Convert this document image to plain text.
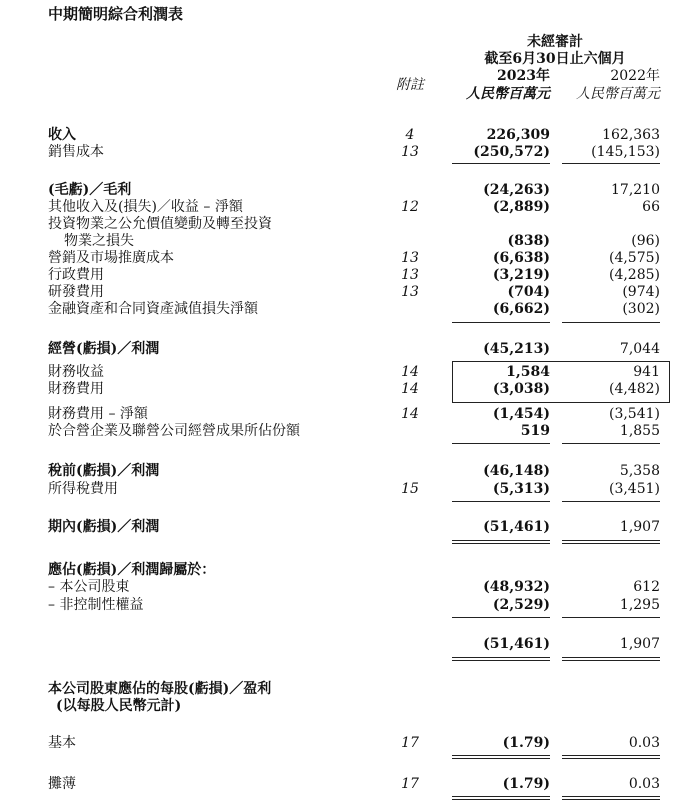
中期簡明綜合利潤表
未經審計
截至6月30日止六個月
附註
2023年	2022年
人民幣百萬元	人民幣百萬元
收入	4	226,309	162,363
銷售成本	13	(250,572)	(145,153)
(毛虧)／毛利	(24,263)	17,210
其他收入及(損失)／收益 – 淨額	12	(2,889)	66
投資物業之公允價值變動及轉至投資
物業之損失	(838)	(96)
營銷及市場推廣成本	13	(6,638)	(4,575)
行政費用	13	(3,219)	(4,285)
研發費用	13	(704)	(974)
金融資產和合同資產減值損失淨額	(6,662)	(302)
經營(虧損)／利潤	(45,213)	7,044
財務收益	14	1,584	941
財務費用	14	(3,038)	(4,482)
財務費用 – 淨額	14	(1,454)	(3,541)
於合營企業及聯營公司經營成果所佔份額	519	1,855
稅前(虧損)／利潤	(46,148)	5,358
所得稅費用	15	(5,313)	(3,451)
期內(虧損)／利潤	(51,461)	1,907
應佔(虧損)／利潤歸屬於：
– 本公司股東	(48,932)	612
– 非控制性權益	(2,529)	1,295
(51,461)	1,907
本公司股東應佔的每股(虧損)／盈利
(以每股人民幣元計)
基本	17	(1.79)	0.03
攤薄	17	(1.79)	0.03
